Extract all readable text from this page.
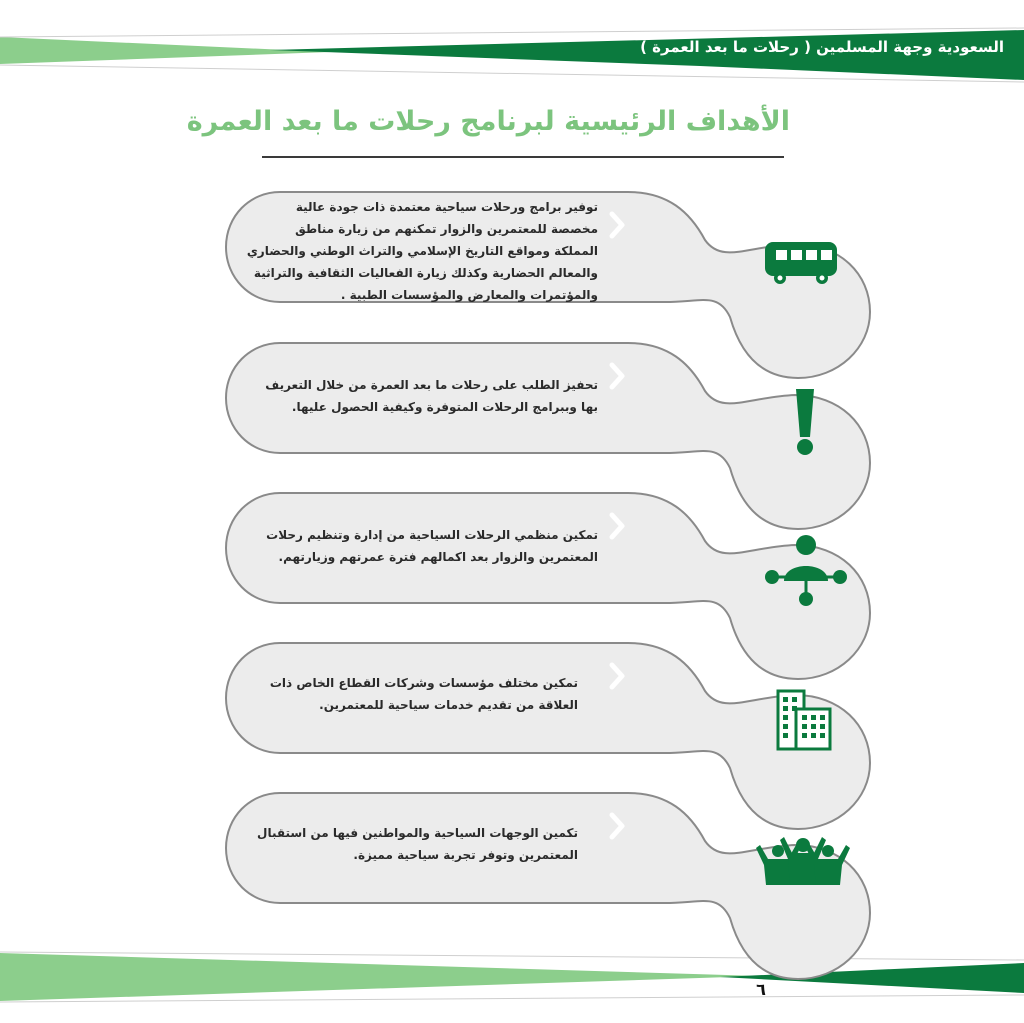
السعودية وجهة المسلمين ( رحلات ما بعد العمرة )
الأهداف الرئيسية لبرنامج رحلات ما بعد العمرة
توفير برامج ورحلات سياحية معتمدة ذات جودة عالية
مخصصة للمعتمرين والزوار تمكنهم من زيارة مناطق
المملكة ومواقع التاريخ الإسلامي والتراث الوطني والحضاري
والمعالم الحضارية وكذلك زيارة الفعاليات الثقافية والتراثية
والمؤتمرات والمعارض والمؤسسات الطبية .
تحفيز الطلب على رحلات ما بعد العمرة من خلال التعريف
بها وببرامج الرحلات المتوفرة وكيفية الحصول عليها.
تمكين منظمي الرحلات السياحية من إدارة وتنظيم رحلات
المعتمرين والزوار بعد اكمالهم فترة عمرتهم وزيارتهم.
تمكين مختلف مؤسسات وشركات القطاع الخاص ذات
العلاقة من تقديم خدمات سياحية للمعتمرين.
تكمين الوجهات السياحية والمواطنين فيها من استقبال
المعتمرين وتوفر تجربة سياحية مميزة.
٦
